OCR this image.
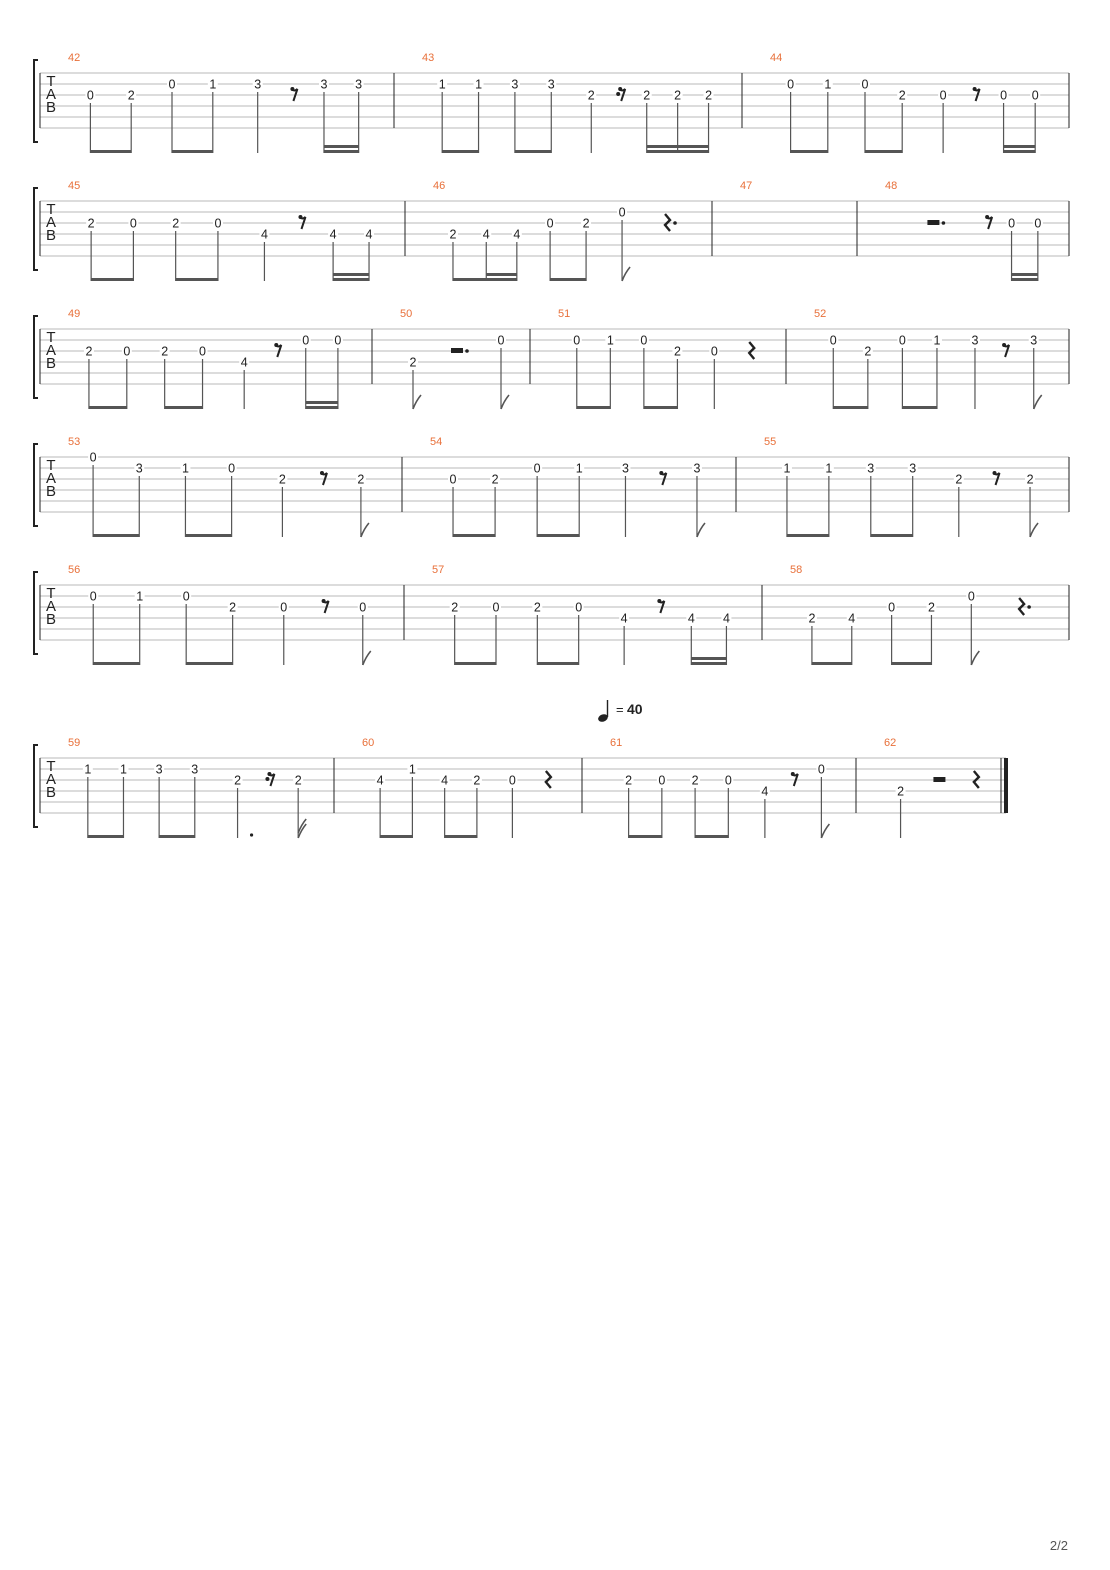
T
A
B
42
0	2
0	1	3	3 3
43
1 1 3 3
2	2 2 2
44
0 1 0
2	0	0 0
T
A
B
45
2	0	2	0
4	4 4
46
2 4 4
0 2
0
47	48
0 0
T
A
B
49
2 0 2 0
4
0 0
50
2
0
51
0 1 0
2 0
52
0
2
0 1 3	3
T
A
B
53
0
3	1	0
2	2
54
0	2
0	1	3	3
55
1	1	3	3
2	2
T
A
B
56
0	1	0
2	0	0
57
2	0	2	0
4	4 4
58
2	4
0	2
0
T
A
B
= 40
59
1 1 3 3
2	2
60
4
1
4 2 0
61
2 0 2 0
4
0
62
2
2/2
